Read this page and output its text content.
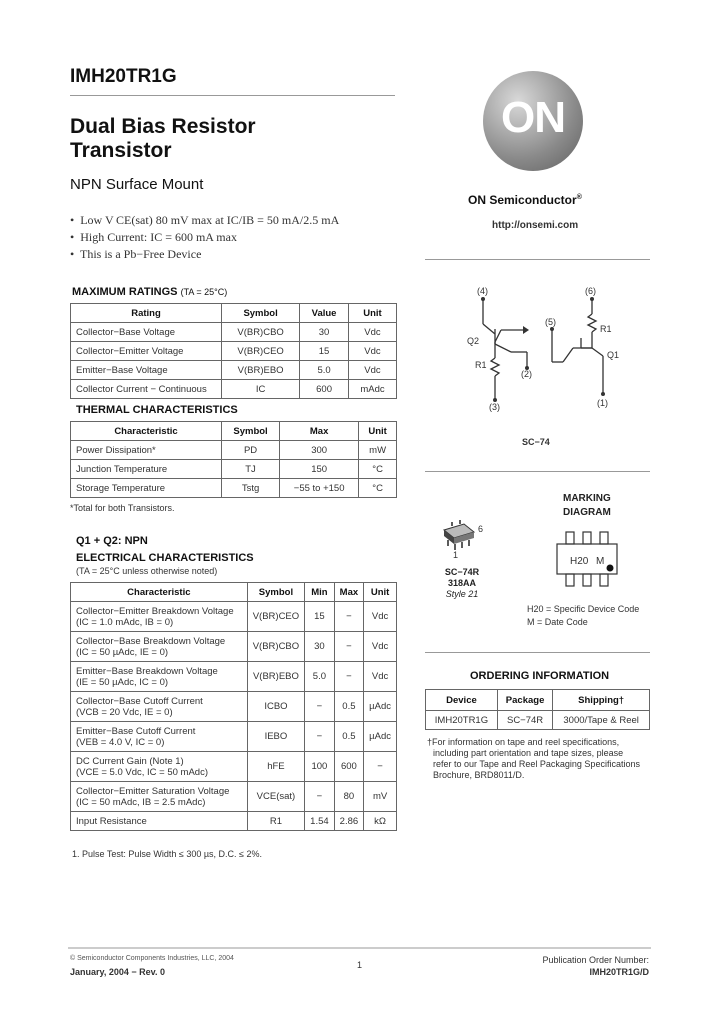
IMH20TR1G
Dual Bias Resistor
Transistor
NPN Surface Mount
•  Low V CE(sat) 80 mV max at IC/IB = 50 mA/2.5 mA
•  High Current: IC = 600 mA max
•  This is a Pb−Free Device
ON
ON Semiconductor®
http://onsemi.com
MAXIMUM RATINGS (TA = 25°C)
Rating	Symbol	Value	Unit
Collector−Base Voltage	V(BR)CBO	30	Vdc
Collector−Emitter Voltage	V(BR)CEO	15	Vdc
Emitter−Base Voltage	V(BR)EBO	5.0	Vdc
Collector Current − Continuous	IC	600	mAdc
THERMAL CHARACTERISTICS
Characteristic	Symbol	Max	Unit
Power Dissipation*	PD	300	mW
Junction Temperature	TJ	150	°C
Storage Temperature	Tstg	−55 to +150	°C
*Total for both Transistors.
Q1 + Q2: NPN
ELECTRICAL CHARACTERISTICS
(TA = 25°C unless otherwise noted)
Characteristic	Symbol	Min	Max	Unit

Collector−Emitter Breakdown Voltage
(IC = 1.0 mAdc, IB = 0)	V(BR)CEO	15	−	Vdc

Collector−Base Breakdown Voltage
(IC = 50 µAdc, IE = 0)	V(BR)CBO	30	−	Vdc

Emitter−Base Breakdown Voltage
(IE = 50 µAdc, IC = 0)	V(BR)EBO	5.0	−	Vdc

Collector−Base Cutoff Current
(VCB = 20 Vdc, IE = 0)	ICBO	−	0.5	µAdc

Emitter−Base Cutoff Current
(VEB = 4.0 V, IC = 0)	IEBO	−	0.5	µAdc

DC Current Gain (Note 1)
(VCE = 5.0 Vdc, IC = 50 mAdc)	hFE	100	600	−

Collector−Emitter Saturation Voltage
(IC = 50 mAdc, IB = 2.5 mAdc)	VCE(sat)	−	80	mV
Input Resistance	R1	1.54	2.86	kΩ
1. Pulse Test: Pulse Width ≤ 300 µs, D.C. ≤ 2%.
(4)	(6)
(5)
(2)
(3)	(1)
Q2
R1
R1
Q1
SC−74
6
1
SC−74R
318AA
Style 21
MARKING
DIAGRAM
H20 M
H20 = Specific Device Code
M = Date Code
ORDERING INFORMATION
Device	Package	Shipping†
IMH20TR1G	SC−74R	3000/Tape & Reel
†For information on tape and reel specifications,
including part orientation and tape sizes, please
refer to our Tape and Reel Packaging Specifications
Brochure, BRD8011/D.
© Semiconductor Components Industries, LLC, 2004
January, 2004 − Rev. 0
1	Publication Order Number:
IMH20TR1G/D
